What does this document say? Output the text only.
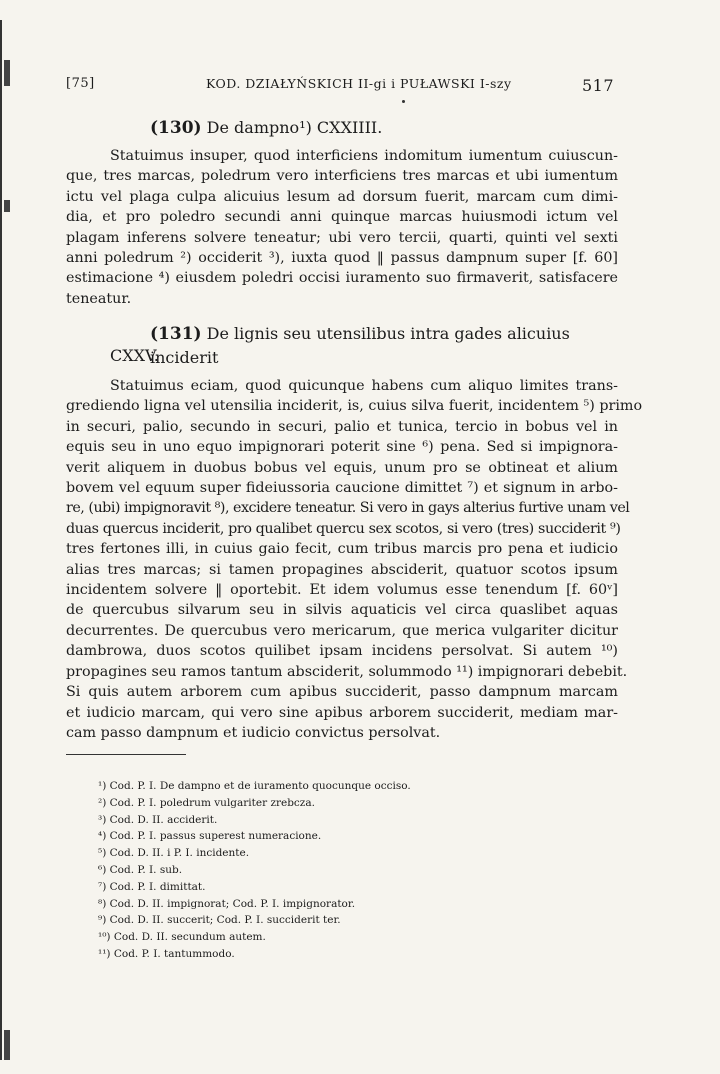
[75]	KOD. DZIAŁYŃSKICH II-gi i PUŁAWSKI I-szy	517
(130) De dampno¹) CXXIIII.
Statuimus insuper, quod interficiens indomitum iumentum cuiuscun-
que, tres marcas, poledrum vero interficiens tres marcas et ubi iumentum
ictu vel plaga culpa alicuius lesum ad dorsum fuerit, marcam cum dimi-
dia, et pro poledro secundi anni quinque marcas huiusmodi ictum vel
plagam inferens solvere teneatur; ubi vero tercii, quarti, quinti vel sexti
anni poledrum ²) occiderit ³), iuxta quod ‖ passus dampnum super [f. 60]
estimacione ⁴) eiusdem poledri occisi iuramento suo firmaverit, satisfacere
teneatur.
(131) De lignis seu utensilibus intra gades alicuius inciderit
CXXV.
Statuimus eciam, quod quicunque habens cum aliquo limites trans-
grediendo ligna vel utensilia inciderit, is, cuius silva fuerit, incidentem ⁵) primo
in securi, palio, secundo in securi, palio et tunica, tercio in bobus vel in
equis seu in uno equo impignorari poterit sine ⁶) pena. Sed si impignora-
verit aliquem in duobus bobus vel equis, unum pro se obtineat et alium
bovem vel equum super fideiussoria caucione dimittet ⁷) et signum in arbo-
re, (ubi) impignoravit ⁸), excidere teneatur. Si vero in gays alterius furtive unam vel
duas quercus inciderit, pro qualibet quercu sex scotos, si vero (tres) succiderit ⁹)
tres fertones illi, in cuius gaio fecit, cum tribus marcis pro pena et iudicio
alias tres marcas; si tamen propagines absciderit, quatuor scotos ipsum
incidentem solvere ‖ oportebit. Et idem volumus esse tenendum [f. 60ᵛ]
de quercubus silvarum seu in silvis aquaticis vel circa quaslibet aquas
decurrentes. De quercubus vero mericarum, que merica vulgariter dicitur
dambrowa, duos scotos quilibet ipsam incidens persolvat. Si autem ¹⁰)
propagines seu ramos tantum absciderit, solummodo ¹¹) impignorari debebit.
Si quis autem arborem cum apibus succiderit, passo dampnum marcam
et iudicio marcam, qui vero sine apibus arborem succiderit, mediam mar-
cam passo dampnum et iudicio convictus persolvat.
¹) Cod. P. I. De dampno et de iuramento quocunque occiso.
²) Cod. P. I. poledrum vulgariter zrebcza.
³) Cod. D. II. acciderit.
⁴) Cod. P. I. passus superest numeracione.
⁵) Cod. D. II. i P. I. incidente.
⁶) Cod. P. I. sub.
⁷) Cod. P. I. dimittat.
⁸) Cod. D. II. impignorat; Cod. P. I. impignorator.
⁹) Cod. D. II. succerit; Cod. P. I. succiderit ter.
¹⁰) Cod. D. II. secundum autem.
¹¹) Cod. P. I. tantummodo.
